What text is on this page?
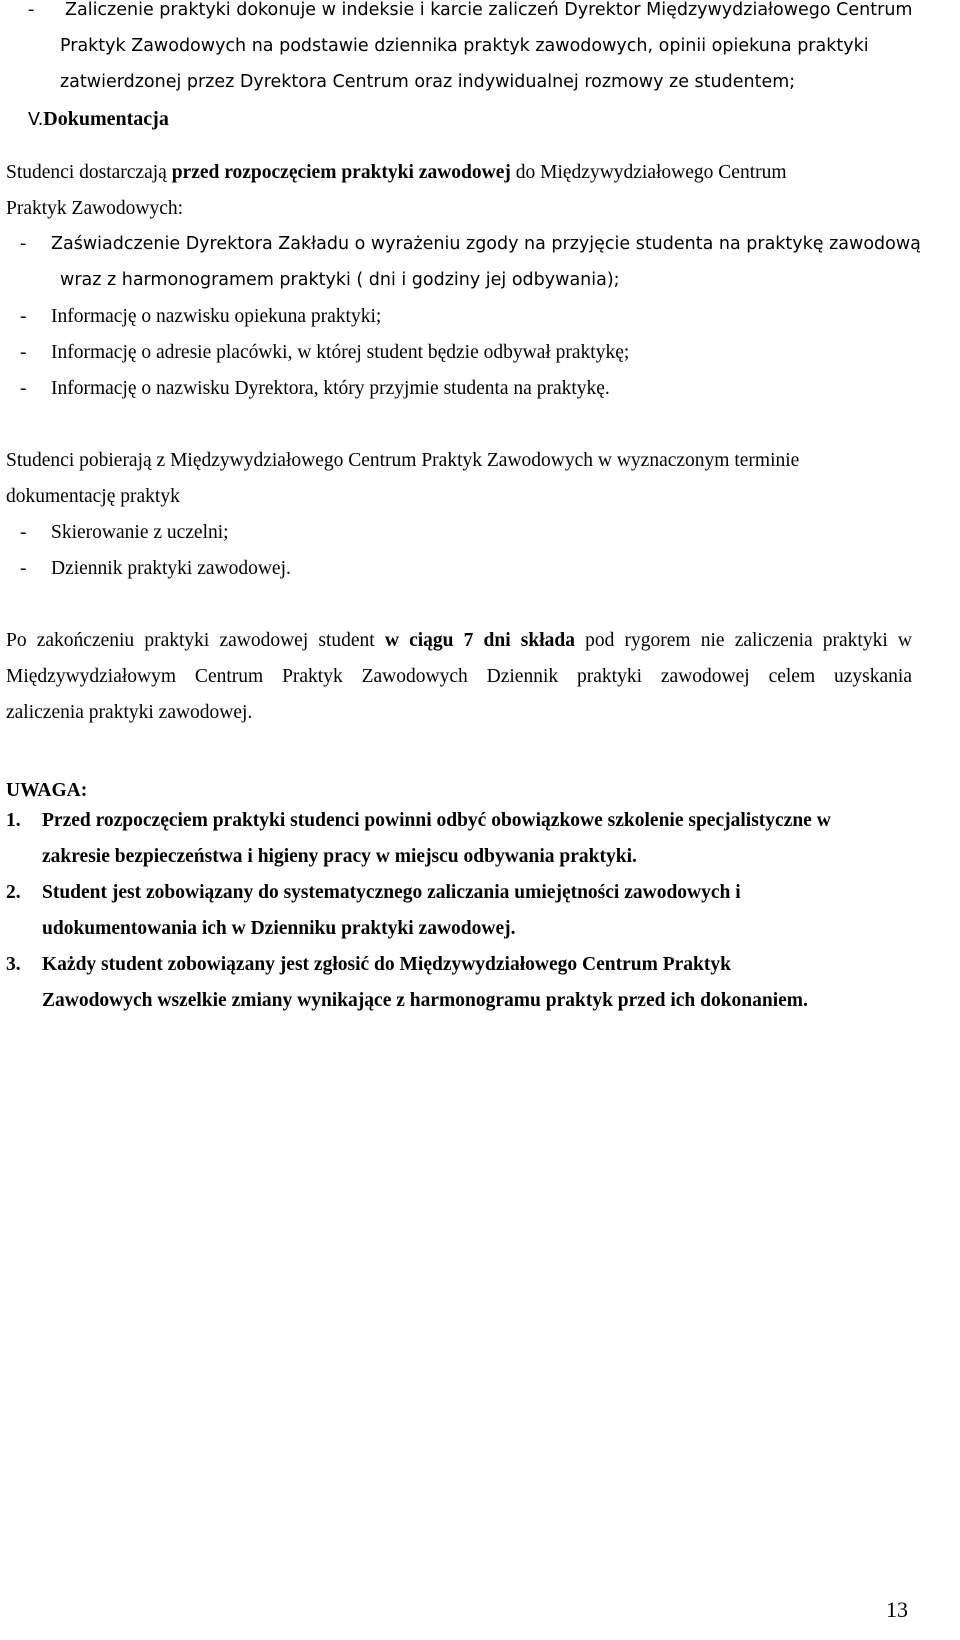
- Zaliczenie praktyki dokonuje w indeksie i karcie zaliczeń Dyrektor Międzywydziałowego Centrum
Praktyk Zawodowych na podstawie dziennika praktyk zawodowych, opinii opiekuna praktyki
zatwierdzonej przez Dyrektora Centrum oraz indywidualnej rozmowy ze studentem;
V.Dokumentacja
Studenci dostarczają przed rozpoczęciem praktyki zawodowej do Międzywydziałowego Centrum
Praktyk Zawodowych:
- Zaświadczenie Dyrektora Zakładu o wyrażeniu zgody na przyjęcie studenta na praktykę zawodową
wraz z harmonogramem praktyki ( dni i godziny jej odbywania);
- Informację o nazwisku opiekuna praktyki;
- Informację o adresie placówki, w której student będzie odbywał praktykę;
- Informację o nazwisku Dyrektora, który przyjmie studenta na praktykę.
Studenci pobierają z Międzywydziałowego Centrum Praktyk Zawodowych w wyznaczonym terminie
dokumentację praktyk
- Skierowanie z uczelni;
- Dziennik praktyki zawodowej.
Po zakończeniu praktyki zawodowej student w ciągu 7 dni składa pod rygorem nie zaliczenia praktyki w
Międzywydziałowym Centrum Praktyk Zawodowych Dziennik praktyki zawodowej celem uzyskania
zaliczenia praktyki zawodowej.
UWAGA:
1. Przed rozpoczęciem praktyki studenci powinni odbyć obowiązkowe szkolenie specjalistyczne w
zakresie bezpieczeństwa i higieny pracy w miejscu odbywania praktyki.
2. Student jest zobowiązany do systematycznego zaliczania umiejętności zawodowych i
udokumentowania ich w Dzienniku praktyki zawodowej.
3. Każdy student zobowiązany jest zgłosić do Międzywydziałowego Centrum Praktyk
Zawodowych wszelkie zmiany wynikające z harmonogramu praktyk przed ich dokonaniem.
13
